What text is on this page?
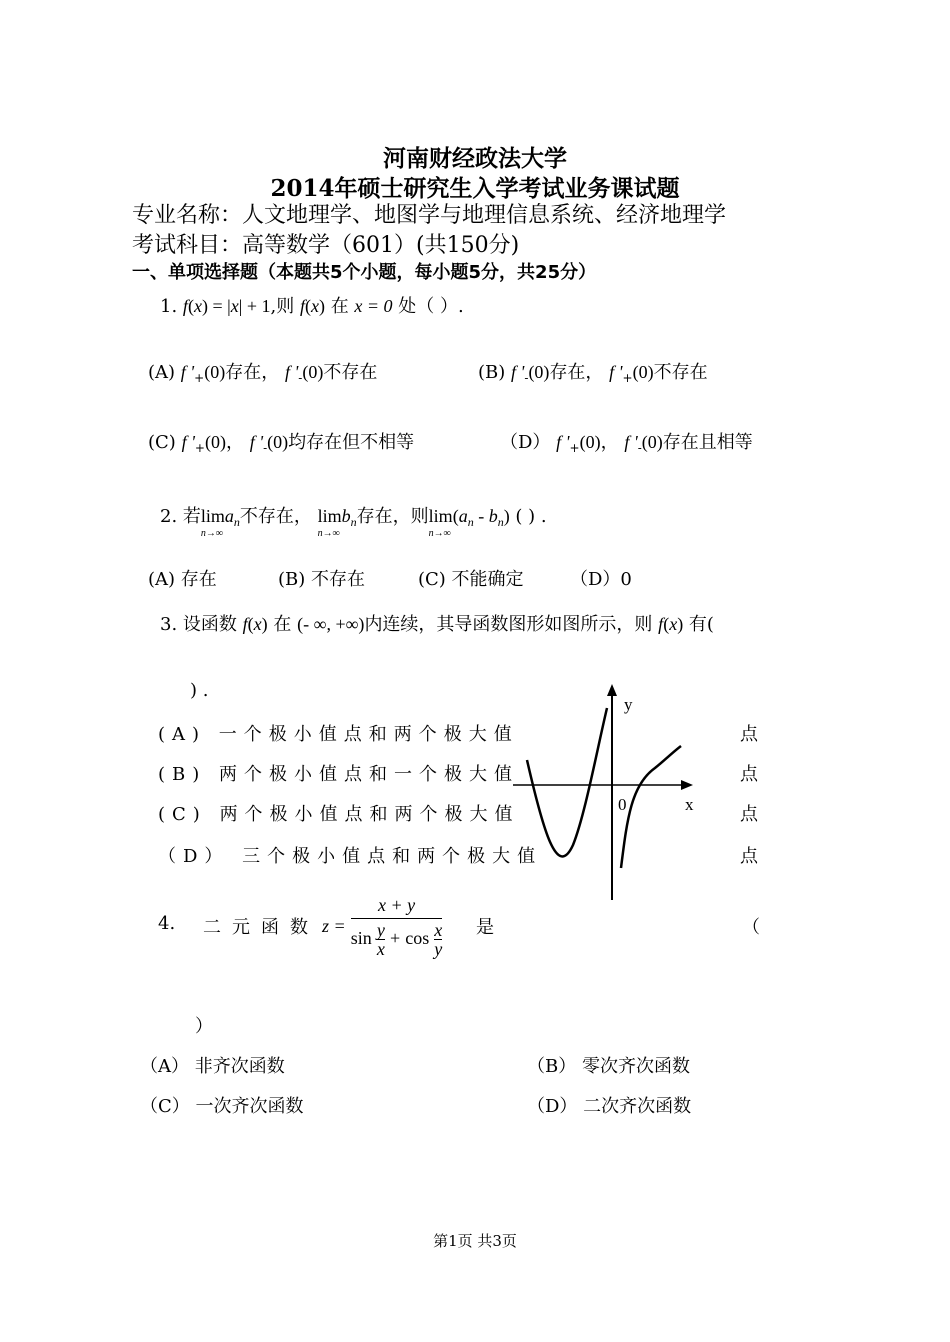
河南财经政法大学
2014年硕士研究生入学考试业务课试题
专业名称：人文地理学、地图学与地理信息系统、经济地理学
考试科目：高等数学（601）(共150分)
一、单项选择题（本题共5个小题，每小题5分，共25分）
1. f(x) = |x| + 1,则 f(x) 在 x = 0 处（ ）.
(A) f '$_+(0)$存在， f '$_-(0)$不存在	(B) f '$_-(0)$存在， f '$_+(0)$不存在
(C) f '$_+(0)$， f '$_-(0)$均存在但不相等	（D） f '$_+(0)$， f '$_-(0)$存在且相等
2. 若lim
n→∞
$a_n$不存在， lim
n→∞
$b_n$存在，则lim
n→∞
$(a_n - b_n)$ ( ) .
(A) 存在	(B) 不存在	(C) 不能确定	（D）0
3. 设函数 f(x) 在 (- ∞, +∞)内连续，其导函数图形如图所示，则 f(x) 有(
) .
(A) 一个极小值点和两个极大值
(B) 两个极小值点和一个极大值
(C) 两个极小值点和两个极大值
（D） 三个极小值点和两个极大值
点
点
点
点
y
x
0
4. 二元函数 $z = \frac{x + y}{\sin \frac{y}{x} + \cos \frac{x}{y}}$ 是	（
）
（A） 非齐次函数	（B） 零次齐次函数
（C） 一次齐次函数	（D） 二次齐次函数
第1页 共3页
